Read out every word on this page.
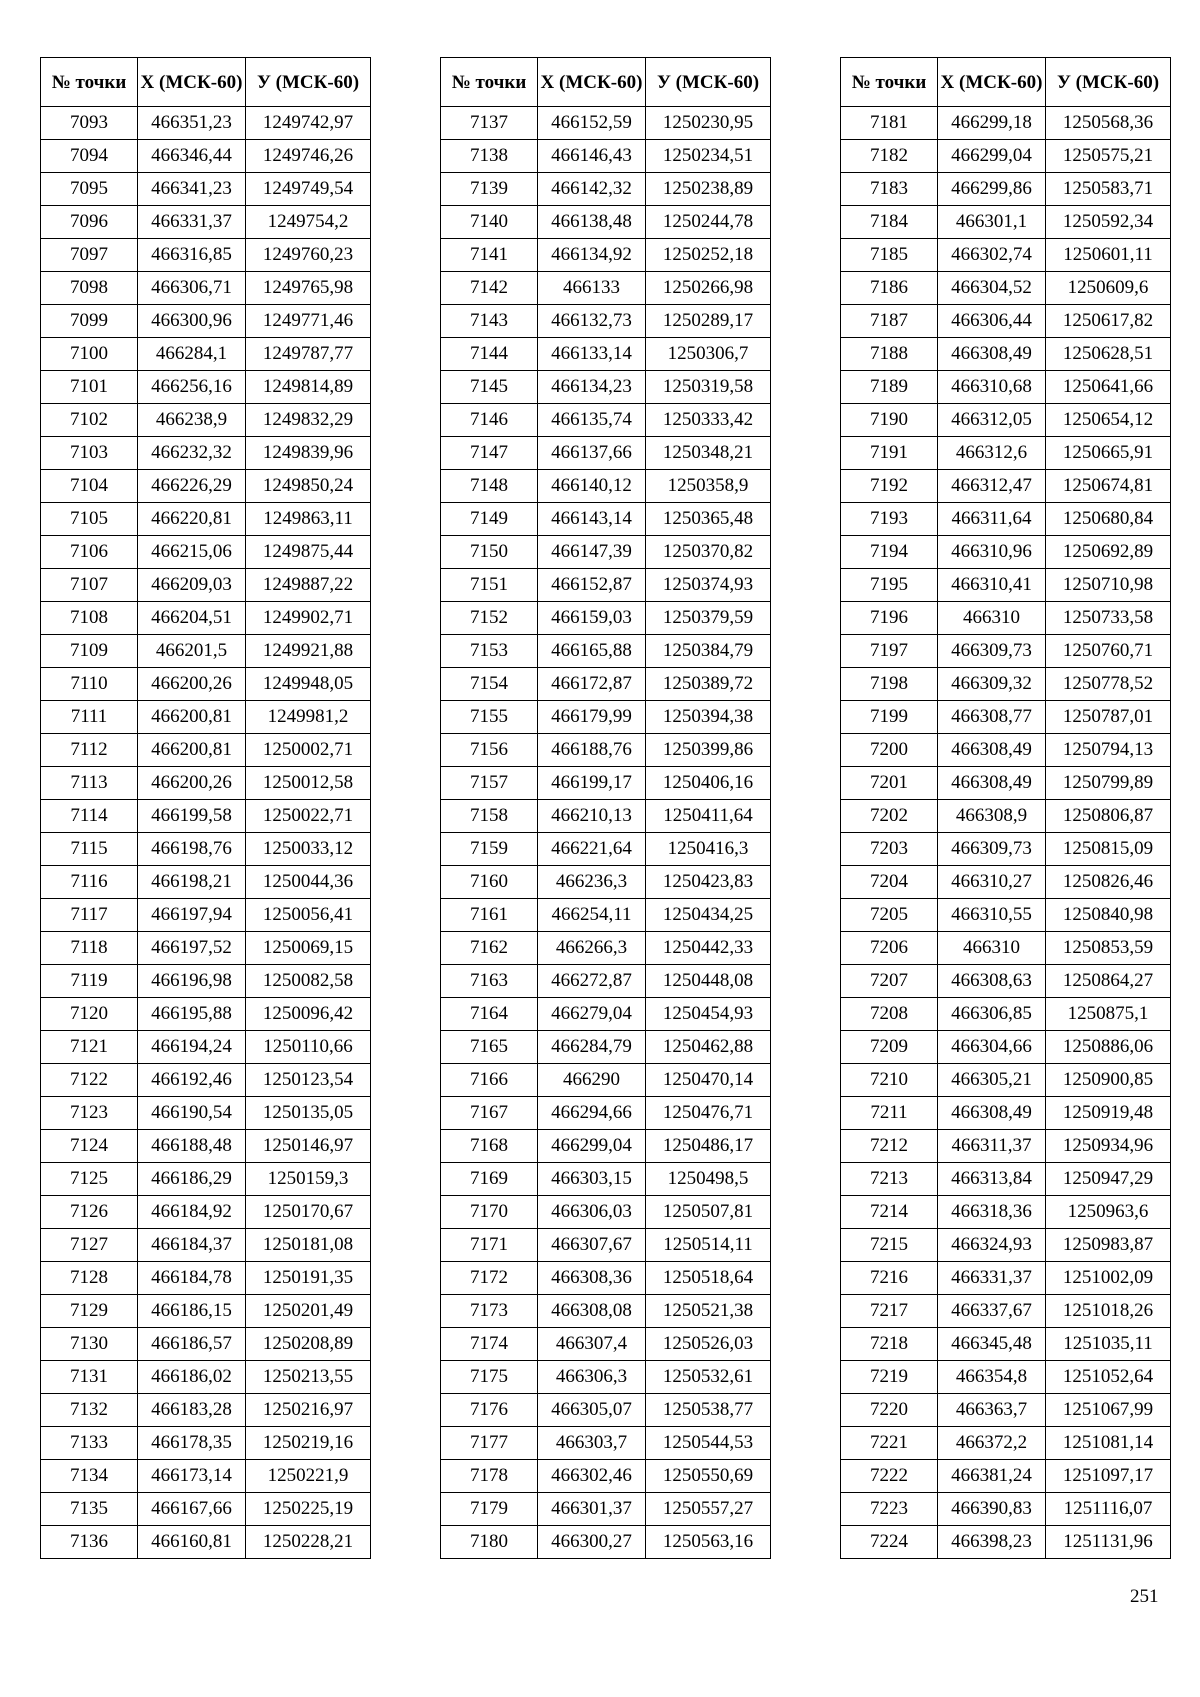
№ точки	X (МСК-60)	У (МСК-60)
7093	466351,23	1249742,97
7094	466346,44	1249746,26
7095	466341,23	1249749,54
7096	466331,37	1249754,2
7097	466316,85	1249760,23
7098	466306,71	1249765,98
7099	466300,96	1249771,46
7100	466284,1	1249787,77
7101	466256,16	1249814,89
7102	466238,9	1249832,29
7103	466232,32	1249839,96
7104	466226,29	1249850,24
7105	466220,81	1249863,11
7106	466215,06	1249875,44
7107	466209,03	1249887,22
7108	466204,51	1249902,71
7109	466201,5	1249921,88
7110	466200,26	1249948,05
7111	466200,81	1249981,2
7112	466200,81	1250002,71
7113	466200,26	1250012,58
7114	466199,58	1250022,71
7115	466198,76	1250033,12
7116	466198,21	1250044,36
7117	466197,94	1250056,41
7118	466197,52	1250069,15
7119	466196,98	1250082,58
7120	466195,88	1250096,42
7121	466194,24	1250110,66
7122	466192,46	1250123,54
7123	466190,54	1250135,05
7124	466188,48	1250146,97
7125	466186,29	1250159,3
7126	466184,92	1250170,67
7127	466184,37	1250181,08
7128	466184,78	1250191,35
7129	466186,15	1250201,49
7130	466186,57	1250208,89
7131	466186,02	1250213,55
7132	466183,28	1250216,97
7133	466178,35	1250219,16
7134	466173,14	1250221,9
7135	466167,66	1250225,19
7136	466160,81	1250228,21
№ точки	X (МСК-60)	У (МСК-60)
7137	466152,59	1250230,95
7138	466146,43	1250234,51
7139	466142,32	1250238,89
7140	466138,48	1250244,78
7141	466134,92	1250252,18
7142	466133	1250266,98
7143	466132,73	1250289,17
7144	466133,14	1250306,7
7145	466134,23	1250319,58
7146	466135,74	1250333,42
7147	466137,66	1250348,21
7148	466140,12	1250358,9
7149	466143,14	1250365,48
7150	466147,39	1250370,82
7151	466152,87	1250374,93
7152	466159,03	1250379,59
7153	466165,88	1250384,79
7154	466172,87	1250389,72
7155	466179,99	1250394,38
7156	466188,76	1250399,86
7157	466199,17	1250406,16
7158	466210,13	1250411,64
7159	466221,64	1250416,3
7160	466236,3	1250423,83
7161	466254,11	1250434,25
7162	466266,3	1250442,33
7163	466272,87	1250448,08
7164	466279,04	1250454,93
7165	466284,79	1250462,88
7166	466290	1250470,14
7167	466294,66	1250476,71
7168	466299,04	1250486,17
7169	466303,15	1250498,5
7170	466306,03	1250507,81
7171	466307,67	1250514,11
7172	466308,36	1250518,64
7173	466308,08	1250521,38
7174	466307,4	1250526,03
7175	466306,3	1250532,61
7176	466305,07	1250538,77
7177	466303,7	1250544,53
7178	466302,46	1250550,69
7179	466301,37	1250557,27
7180	466300,27	1250563,16
№ точки	X (МСК-60)	У (МСК-60)
7181	466299,18	1250568,36
7182	466299,04	1250575,21
7183	466299,86	1250583,71
7184	466301,1	1250592,34
7185	466302,74	1250601,11
7186	466304,52	1250609,6
7187	466306,44	1250617,82
7188	466308,49	1250628,51
7189	466310,68	1250641,66
7190	466312,05	1250654,12
7191	466312,6	1250665,91
7192	466312,47	1250674,81
7193	466311,64	1250680,84
7194	466310,96	1250692,89
7195	466310,41	1250710,98
7196	466310	1250733,58
7197	466309,73	1250760,71
7198	466309,32	1250778,52
7199	466308,77	1250787,01
7200	466308,49	1250794,13
7201	466308,49	1250799,89
7202	466308,9	1250806,87
7203	466309,73	1250815,09
7204	466310,27	1250826,46
7205	466310,55	1250840,98
7206	466310	1250853,59
7207	466308,63	1250864,27
7208	466306,85	1250875,1
7209	466304,66	1250886,06
7210	466305,21	1250900,85
7211	466308,49	1250919,48
7212	466311,37	1250934,96
7213	466313,84	1250947,29
7214	466318,36	1250963,6
7215	466324,93	1250983,87
7216	466331,37	1251002,09
7217	466337,67	1251018,26
7218	466345,48	1251035,11
7219	466354,8	1251052,64
7220	466363,7	1251067,99
7221	466372,2	1251081,14
7222	466381,24	1251097,17
7223	466390,83	1251116,07
7224	466398,23	1251131,96
251
